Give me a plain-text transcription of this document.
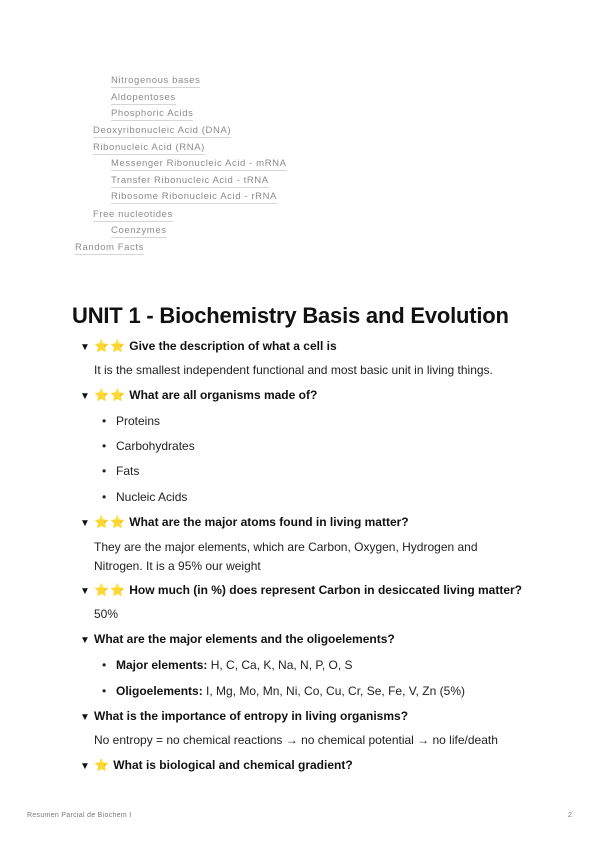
Nitrogenous bases
Aldopentoses
Phosphoric Acids
Deoxyribonucleic Acid (DNA)
Ribonucleic Acid (RNA)
Messenger Ribonucleic Acid - mRNA
Transfer Ribonucleic Acid - tRNA
Ribosome Ribonucleic Acid - rRNA
Free nucleotides
Coenzymes
Random Facts
UNIT 1 - Biochemistry Basis and Evolution
▼ ⭐⭐ Give the description of what a cell is
It is the smallest independent functional and most basic unit in living things.
▼ ⭐⭐ What are all organisms made of?
• Proteins
• Carbohydrates
• Fats
• Nucleic Acids
▼ ⭐⭐ What are the major atoms found in living matter?
They are the major elements, which are Carbon, Oxygen, Hydrogen and Nitrogen. It is a 95% our weight
▼ ⭐⭐ How much (in %) does represent Carbon in desiccated living matter?
50%
▼ What are the major elements and the oligoelements?
• Major elements: H, C, Ca, K, Na, N, P, O, S
• Oligoelements: I, Mg, Mo, Mn, Ni, Co, Cu, Cr, Se, Fe, V, Zn (5%)
▼ What is the importance of entropy in living organisms?
No entropy = no chemical reactions → no chemical potential → no life/death
▼ ⭐ What is biological and chemical gradient?
Resumen Parcial de Biochem I	2
